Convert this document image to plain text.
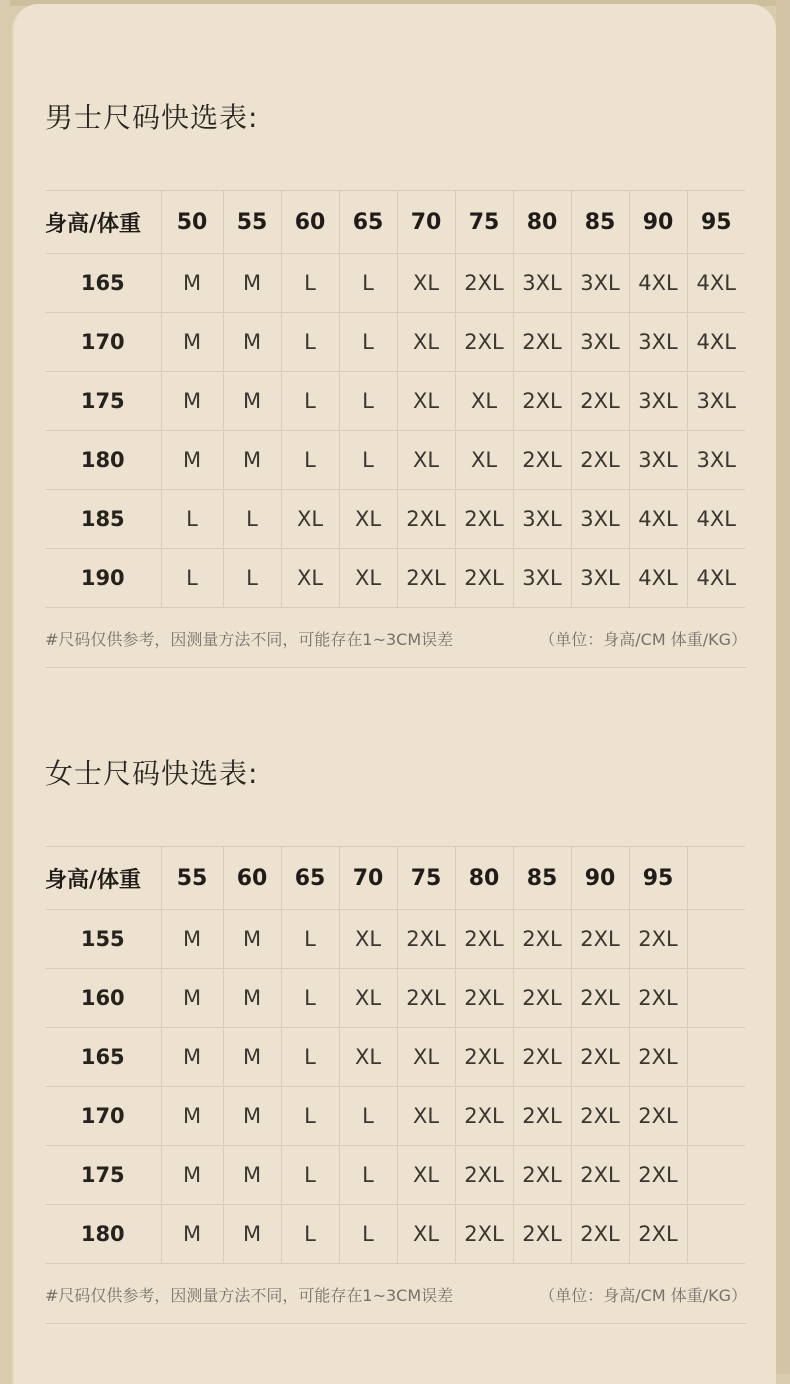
男士尺码快选表:
身高/体重	50	55	60	65	70	75	80	85	90	95
165	M	M	L	L	XL	2XL	3XL	3XL	4XL	4XL
170	M	M	L	L	XL	2XL	2XL	3XL	3XL	4XL
175	M	M	L	L	XL	XL	2XL	2XL	3XL	3XL
180	M	M	L	L	XL	XL	2XL	2XL	3XL	3XL
185	L	L	XL	XL	2XL	2XL	3XL	3XL	4XL	4XL
190	L	L	XL	XL	2XL	2XL	3XL	3XL	4XL	4XL
#尺码仅供参考，因测量方法不同，可能存在1~3CM误差	（单位：身高/CM 体重/KG）
女士尺码快选表:
身高/体重	55	60	65	70	75	80	85	90	95	
155	M	M	L	XL	2XL	2XL	2XL	2XL	2XL	
160	M	M	L	XL	2XL	2XL	2XL	2XL	2XL	
165	M	M	L	XL	XL	2XL	2XL	2XL	2XL	
170	M	M	L	L	XL	2XL	2XL	2XL	2XL	
175	M	M	L	L	XL	2XL	2XL	2XL	2XL	
180	M	M	L	L	XL	2XL	2XL	2XL	2XL	
#尺码仅供参考，因测量方法不同，可能存在1~3CM误差	（单位：身高/CM 体重/KG）
